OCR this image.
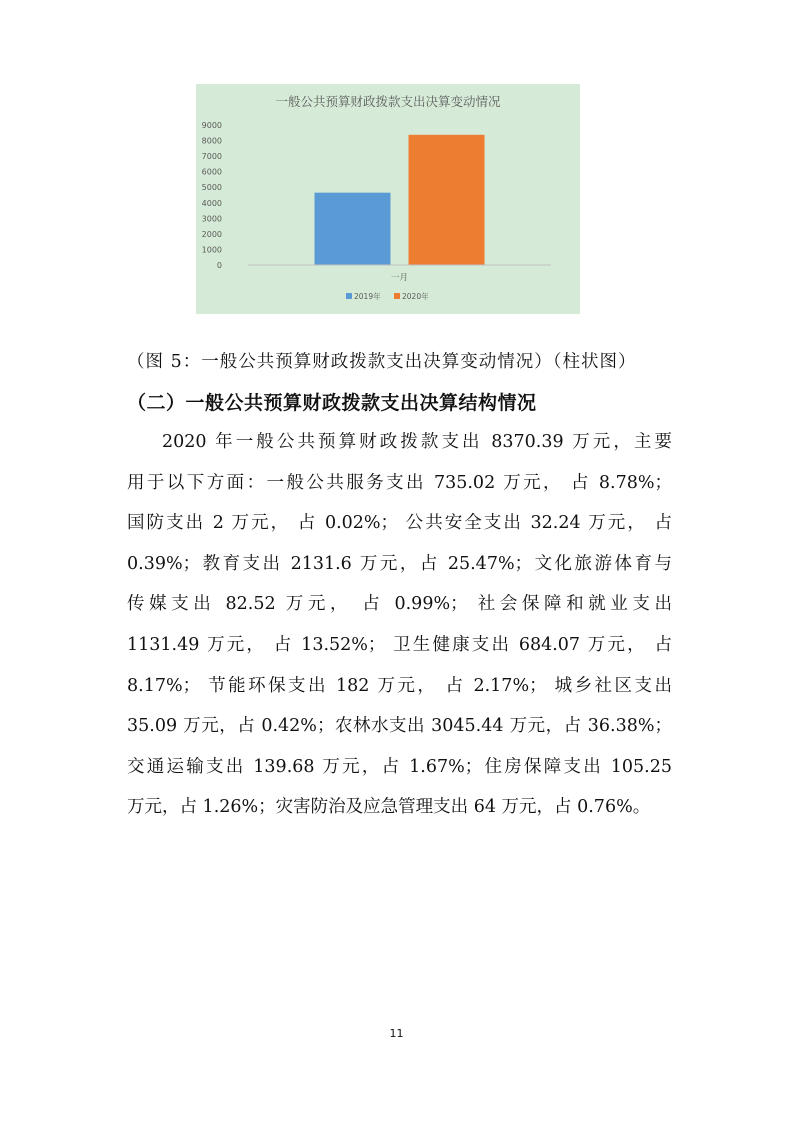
一般公共预算财政拨款支出决算变动情况
9000
8000
7000
6000
5000
4000
3000
2000
1000
0
一月
2019年	2020年
（图 5：一般公共预算财政拨款支出决算变动情况）（柱状图）
（二）一般公共预算财政拨款支出决算结构情况
2020 年一般公共预算财政拨款支出 8370.39 万元，主要
用于以下方面：一般公共服务支出 735.02 万元， 占 8.78%；
国防支出 2 万元， 占 0.02%； 公共安全支出 32.24 万元， 占
0.39%；教育支出 2131.6 万元，占 25.47%；文化旅游体育与
传媒支出 82.52 万元， 占 0.99%； 社会保障和就业支出
1131.49 万元， 占 13.52%； 卫生健康支出 684.07 万元， 占
8.17%； 节能环保支出 182 万元， 占 2.17%； 城乡社区支出
35.09 万元，占 0.42%；农林水支出 3045.44 万元，占 36.38%；
交通运输支出 139.68 万元，占 1.67%；住房保障支出 105.25
万元，占 1.26%；灾害防治及应急管理支出 64 万元，占 0.76%。
11
